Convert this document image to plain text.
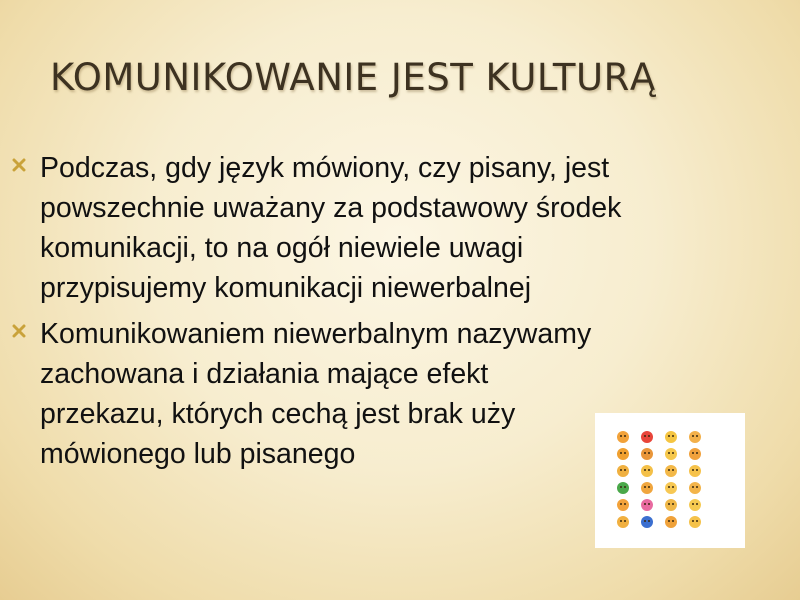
KOMUNIKOWANIE JEST KULTURĄ
Podczas, gdy język mówiony, czy pisany, jest
powszechnie uważany za podstawowy środek
komunikacji, to na ogół niewiele uwagi
przypisujemy komunikacji niewerbalnej
Komunikowaniem niewerbalnym nazywamy
zachowana i działania mające efekt
przekazu, których cechą jest brak uży
mówionego lub pisanego
